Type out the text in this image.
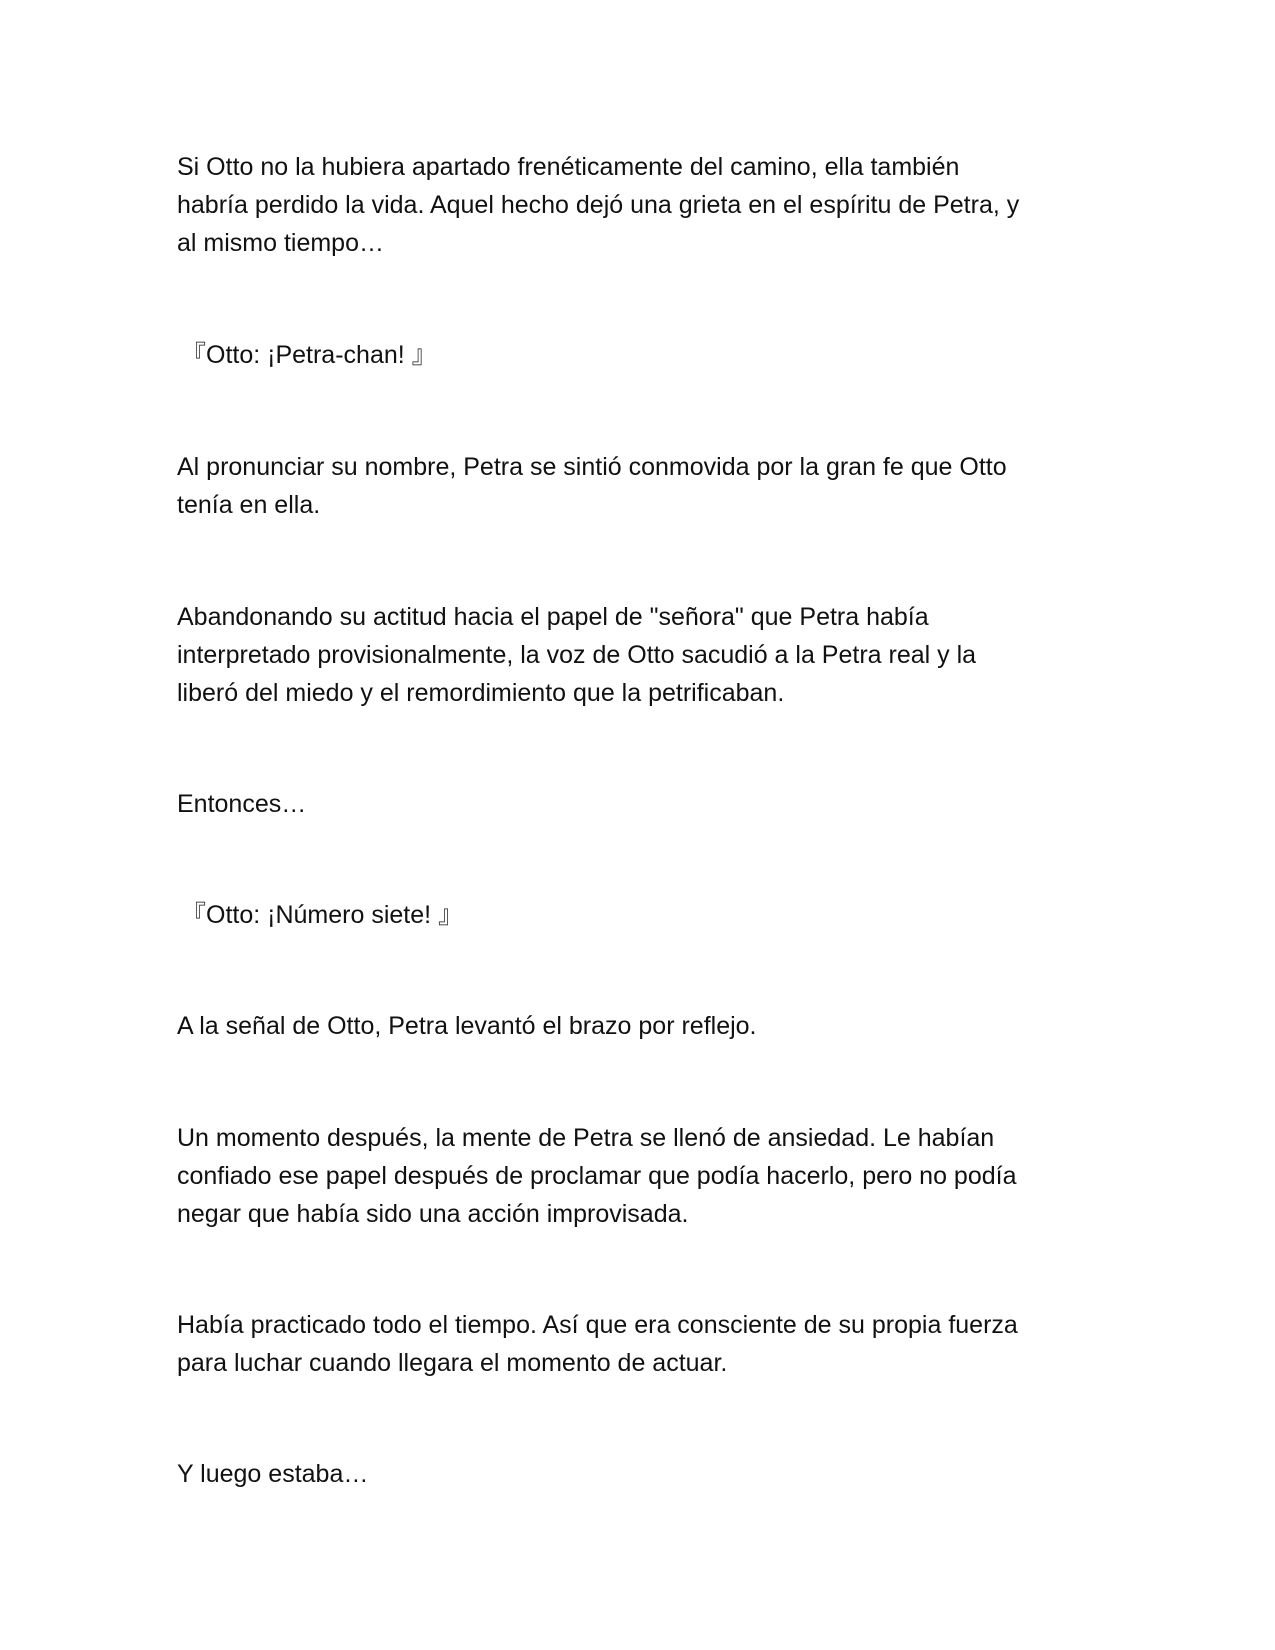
Si Otto no la hubiera apartado frenéticamente del camino, ella también
habría perdido la vida. Aquel hecho dejó una grieta en el espíritu de Petra, y
al mismo tiempo…

『Otto: ¡Petra-chan! 』

Al pronunciar su nombre, Petra se sintió conmovida por la gran fe que Otto
tenía en ella.

Abandonando su actitud hacia el papel de "señora" que Petra había
interpretado provisionalmente, la voz de Otto sacudió a la Petra real y la
liberó del miedo y el remordimiento que la petrificaban.

Entonces…

『Otto: ¡Número siete! 』

A la señal de Otto, Petra levantó el brazo por reflejo.

Un momento después, la mente de Petra se llenó de ansiedad. Le habían
confiado ese papel después de proclamar que podía hacerlo, pero no podía
negar que había sido una acción improvisada.

Había practicado todo el tiempo. Así que era consciente de su propia fuerza
para luchar cuando llegara el momento de actuar.

Y luego estaba…
